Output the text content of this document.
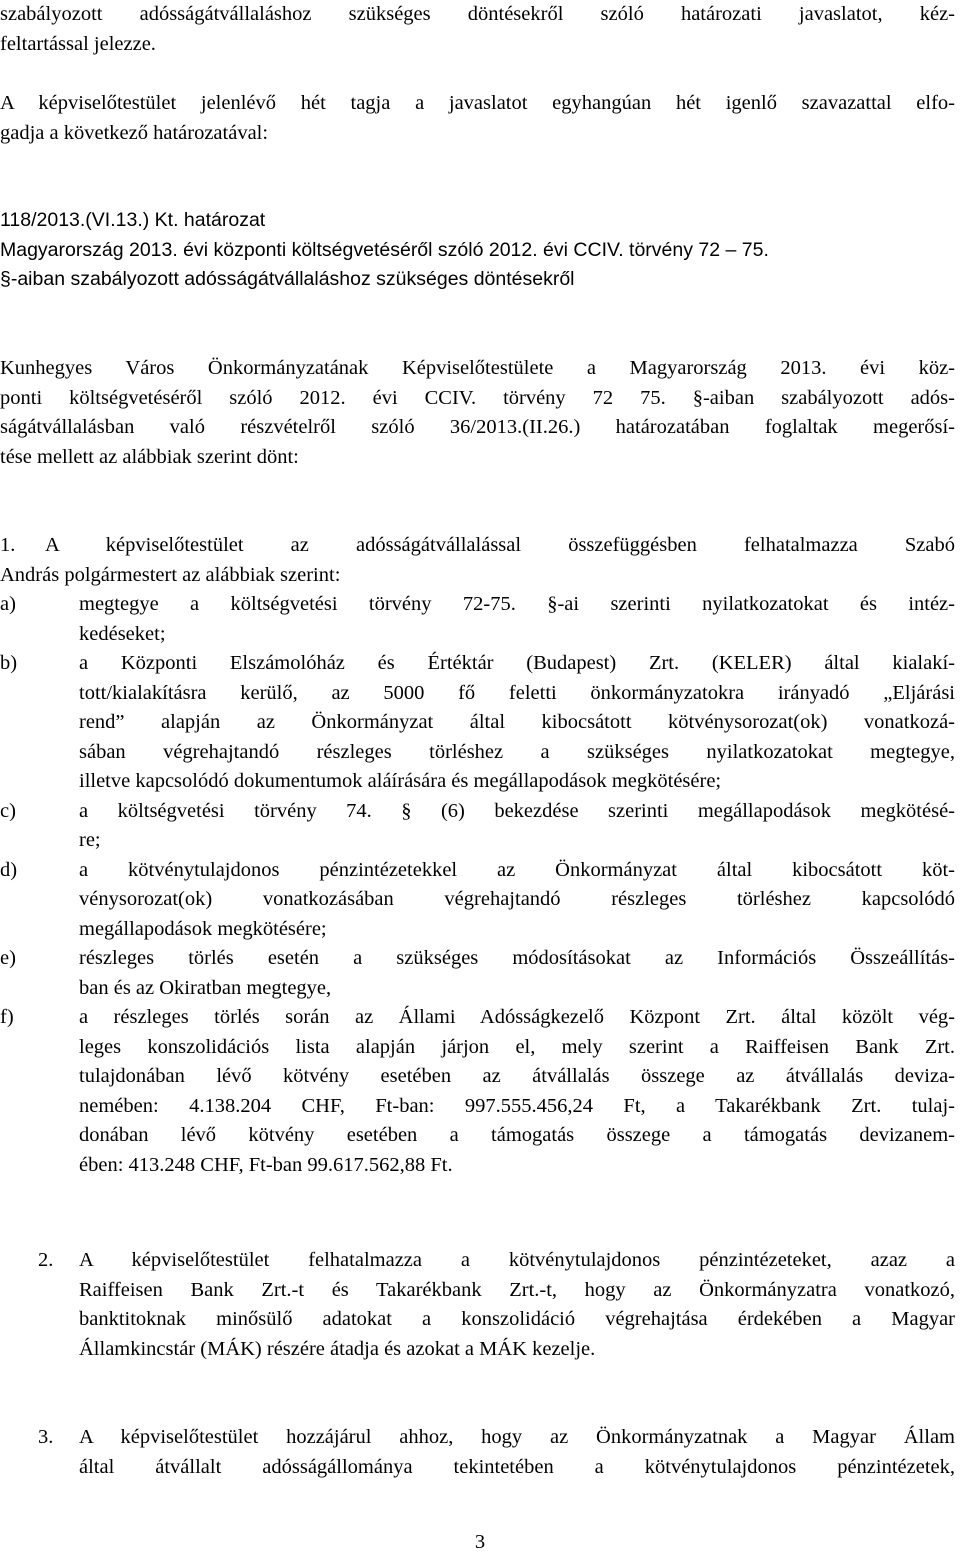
szabályozott adósságátvállaláshoz szükséges döntésekről szóló határozati javaslatot, kéz-
feltartással jelezze.
A képviselőtestület jelenlévő hét tagja a javaslatot egyhangúan hét igenlő szavazattal elfo-
gadja a következő határozatával:
118/2013.(VI.13.) Kt. határozat
Magyarország 2013. évi központi költségvetéséről szóló 2012. évi CCIV. törvény 72 – 75.
§-aiban szabályozott adósságátvállaláshoz szükséges döntésekről
Kunhegyes Város Önkormányzatának Képviselőtestülete a Magyarország 2013. évi köz-
ponti költségvetéséről szóló 2012. évi CCIV. törvény 72 75. §-aiban szabályozott adós-
ságátvállalásban való részvételről szóló 36/2013.(II.26.) határozatában foglaltak megerősí-
tése mellett az alábbiak szerint dönt:
1. A képviselőtestület az adósságátvállalással összefüggésben felhatalmazza Szabó
András polgármestert az alábbiak szerint:
a)	megtegye a költségvetési törvény 72-75. §-ai szerinti nyilatkozatokat és intéz-
kedéseket;
b)	a Központi Elszámolóház és Értéktár (Budapest) Zrt. (KELER) által kialakí-
tott/kialakításra kerülő, az 5000 fő feletti önkormányzatokra irányadó „Eljárási
rend” alapján az Önkormányzat által kibocsátott kötvénysorozat(ok) vonatkozá-
sában végrehajtandó részleges törléshez a szükséges nyilatkozatokat megtegye,
illetve kapcsolódó dokumentumok aláírására és megállapodások megkötésére;
c)	a költségvetési törvény 74. § (6) bekezdése szerinti megállapodások megkötésé-
re;
d)	a kötvénytulajdonos pénzintézetekkel az Önkormányzat által kibocsátott köt-
vénysorozat(ok) vonatkozásában végrehajtandó részleges törléshez kapcsolódó
megállapodások megkötésére;
e)	részleges törlés esetén a szükséges módosításokat az Információs Összeállítás-
ban és az Okiratban megtegye,
f)	a részleges törlés során az Állami Adósságkezelő Központ Zrt. által közölt vég-
leges konszolidációs lista alapján járjon el, mely szerint a Raiffeisen Bank Zrt.
tulajdonában lévő kötvény esetében az átvállalás összege az átvállalás deviza-
nemében: 4.138.204 CHF, Ft-ban: 997.555.456,24 Ft, a Takarékbank Zrt. tulaj-
donában lévő kötvény esetében a támogatás összege a támogatás devizanem-
ében: 413.248 CHF, Ft-ban 99.617.562,88 Ft.
2. A képviselőtestület felhatalmazza a kötvénytulajdonos pénzintézeteket, azaz a
Raiffeisen Bank Zrt.-t és Takarékbank Zrt.-t, hogy az Önkormányzatra vonatkozó,
banktitoknak minősülő adatokat a konszolidáció végrehajtása érdekében a Magyar
Államkincstár (MÁK) részére átadja és azokat a MÁK kezelje.
3. A képviselőtestület hozzájárul ahhoz, hogy az Önkormányzatnak a Magyar Állam
által átvállalt adósságállománya tekintetében a kötvénytulajdonos pénzintézetek,
3
